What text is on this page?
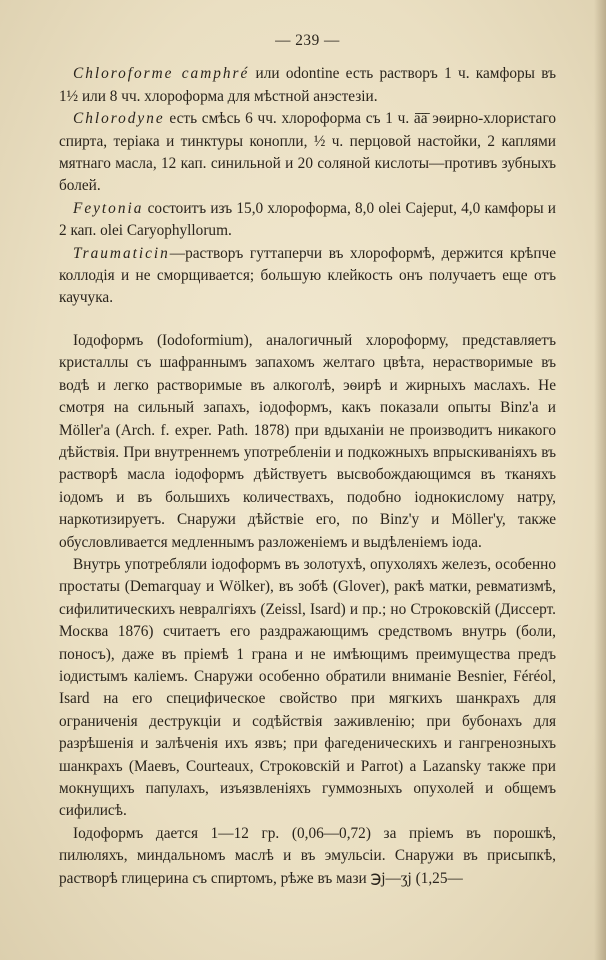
— 239 —

Chloroforme camphré или odontine есть растворъ 1 ч. камфоры въ 1½ или 8 чч. хлороформа для мѣстной анэстезіи.

Chlorodyne есть смѣсь 6 чч. хлороформа съ 1 ч. ā̄ā̄ эѳирно-хлористаго спирта, теріака и тинктуры конопли, ½ ч. перцовой настойки, 2 каплями мятнаго масла, 12 кап. синильной и 20 соляной кислоты—противъ зубныхъ болей.

Feytonia состоитъ изъ 15,0 хлороформа, 8,0 olei Cajeput, 4,0 камфоры и 2 кап. olei Caryophyllorum.

Traumaticin—растворъ гуттаперчи въ хлороформѣ, держится крѣпче коллодія и не сморщивается; большую клейкость онъ получаетъ еще отъ каучука.

Іодоформъ (Iodoformium), аналогичный хлороформу, представляетъ кристаллы съ шафраннымъ запахомъ желтаго цвѣта, нерастворимые въ водѣ и легко растворимые въ алкоголѣ, эѳирѣ и жирныхъ маслахъ. Не смотря на сильный запахъ, іодоформъ, какъ показали опыты Binz'а и Möller'а (Arch. f. exper. Path. 1878) при вдыханіи не производитъ никакого дѣйствія. При внутреннемъ употребленіи и подкожныхъ впрыскиваніяхъ въ растворѣ масла іодоформъ дѣйствуетъ высвобождающимся въ тканяхъ іодомъ и въ большихъ количествахъ, подобно іоднокислому натру, наркотизируетъ. Снаружи дѣйствіе его, по Binz'у и Möller'у, также обусловливается медленнымъ разложеніемъ и выдѣленіемъ іода.

Внутрь употребляли іодоформъ въ золотухѣ, опухоляхъ железъ, особенно простаты (Demarquay и Wölker), въ зобѣ (Glover), ракѣ матки, ревматизмѣ, сифилитическихъ невралгіяхъ (Zeissl, Isard) и пр.; но Строковскій (Диссерт. Москва 1876) считаетъ его раздражающимъ средствомъ внутрь (боли, поносъ), даже въ пріемѣ 1 грана и не имѣющимъ преимущества предъ іодистымъ каліемъ. Снаружи особенно обратили вниманіе Besnier, Féréol, Isard на его специфическое свойство при мягкихъ шанкрахъ для ограниченія деструкціи и содѣйствія заживленію; при бубонахъ для разрѣшенія и залѣченія ихъ язвъ; при фагеденическихъ и гангренозныхъ шанкрахъ (Маевъ, Courteaux, Строковскій и Parrot) а Lazansky также при мокнущихъ папулахъ, изъязвленіяхъ гуммозныхъ опухолей и общемъ сифилисѣ.

Іодоформъ дается 1—12 гр. (0,06—0,72) за пріемъ въ порошкѣ, пилюляхъ, миндальномъ маслѣ и въ эмульсіи. Снаружи въ присыпкѣ, растворѣ глицерина съ спиртомъ, рѣже въ мази ℈j—ʒj (1,25—
